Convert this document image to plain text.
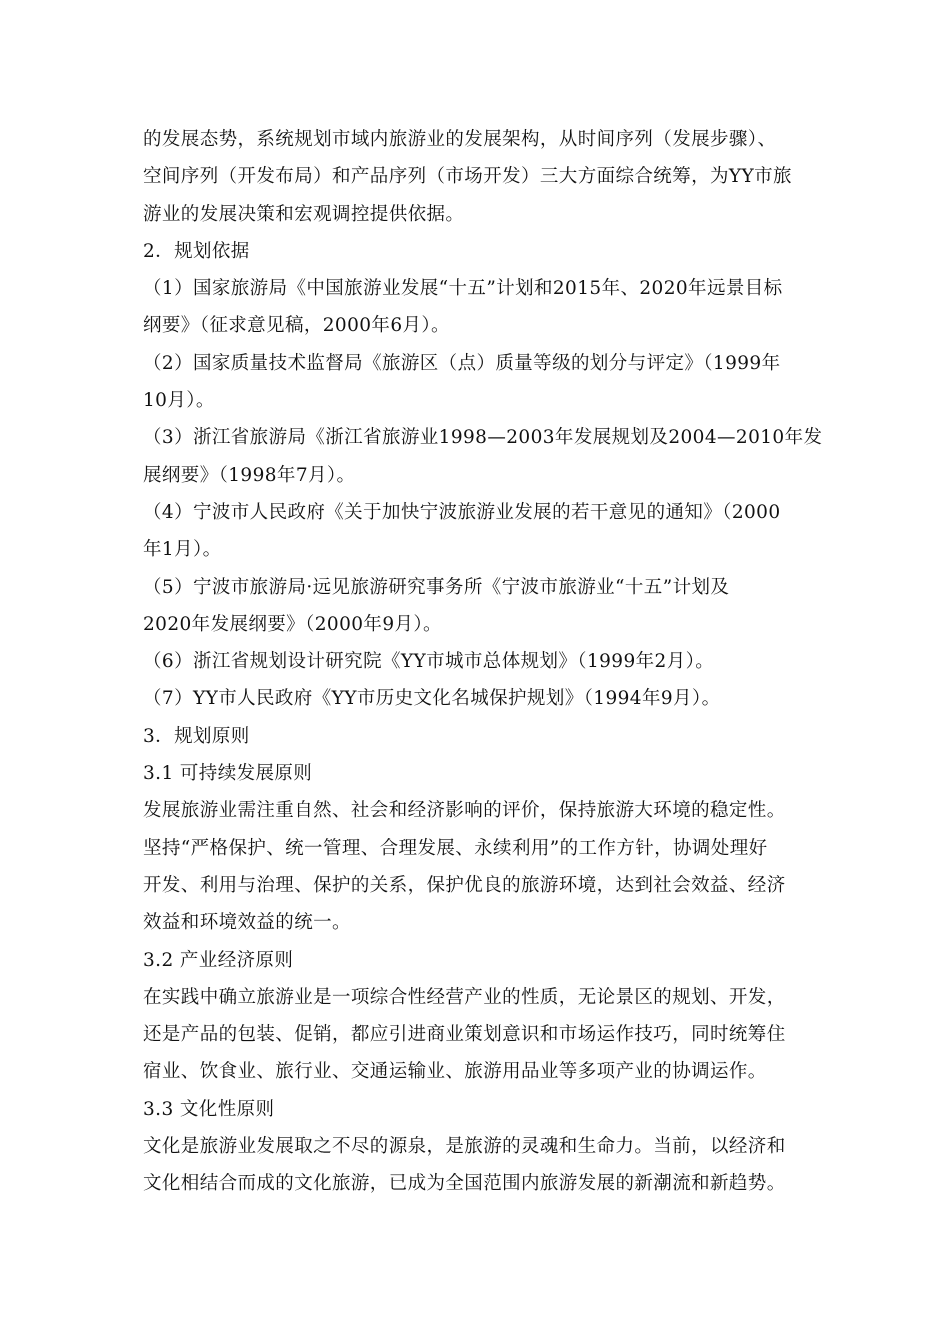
的发展态势，系统规划市域内旅游业的发展架构，从时间序列（发展步骤）、

空间序列（开发布局）和产品序列（市场开发）三大方面综合统筹，为YY市旅

游业的发展决策和宏观调控提供依据。

2．规划依据

（1）国家旅游局《中国旅游业发展“十五”计划和2015年、2020年远景目标

纲要》（征求意见稿，2000年6月）。

（2）国家质量技术监督局《旅游区（点）质量等级的划分与评定》（1999年

10月）。

（3）浙江省旅游局《浙江省旅游业1998—2003年发展规划及2004—2010年发

展纲要》（1998年7月）。

（4）宁波市人民政府《关于加快宁波旅游业发展的若干意见的通知》（2000

年1月）。

（5）宁波市旅游局·远见旅游研究事务所《宁波市旅游业“十五”计划及

2020年发展纲要》（2000年9月）。

（6）浙江省规划设计研究院《YY市城市总体规划》（1999年2月）。

（7）YY市人民政府《YY市历史文化名城保护规划》（1994年9月）。

3．规划原则

3.1 可持续发展原则

发展旅游业需注重自然、社会和经济影响的评价，保持旅游大环境的稳定性。

坚持“严格保护、统一管理、合理发展、永续利用”的工作方针，协调处理好

开发、利用与治理、保护的关系，保护优良的旅游环境，达到社会效益、经济

效益和环境效益的统一。

3.2 产业经济原则

在实践中确立旅游业是一项综合性经营产业的性质，无论景区的规划、开发，

还是产品的包装、促销，都应引进商业策划意识和市场运作技巧，同时统筹住

宿业、饮食业、旅行业、交通运输业、旅游用品业等多项产业的协调运作。

3.3 文化性原则

文化是旅游业发展取之不尽的源泉，是旅游的灵魂和生命力。当前，以经济和

文化相结合而成的文化旅游，已成为全国范围内旅游发展的新潮流和新趋势。
